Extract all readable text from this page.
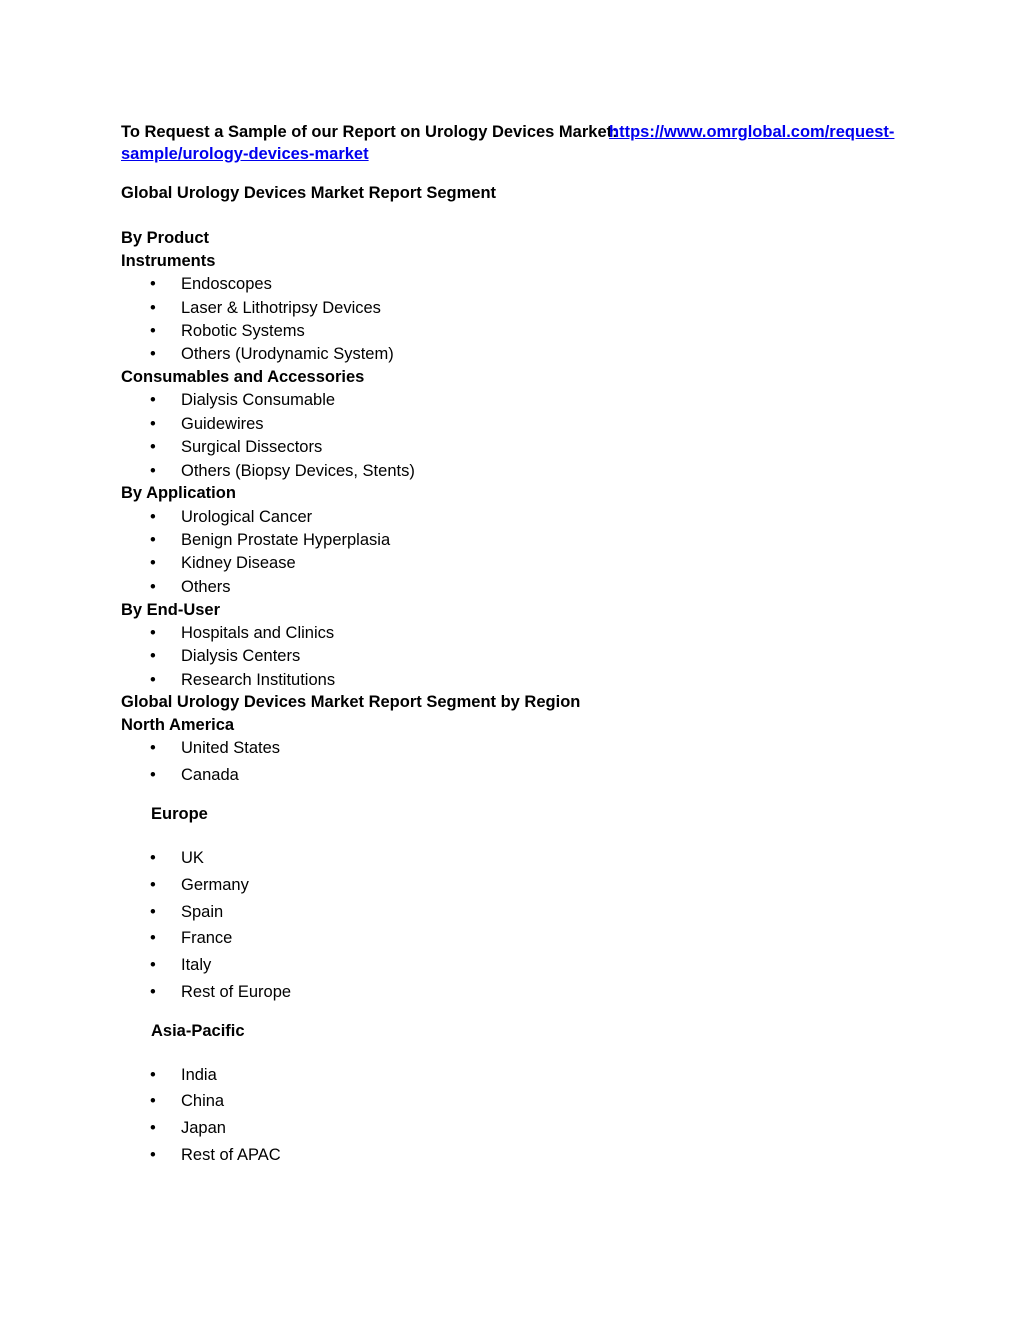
To Request a Sample of our Report on Urology Devices Market:
https://www.omrglobal.com/request-
sample/urology-devices-market
Global Urology Devices Market Report Segment
By Product
Instruments
• Endoscopes
• Laser & Lithotripsy Devices
• Robotic Systems
• Others (Urodynamic System)
Consumables and Accessories
• Dialysis Consumable
• Guidewires
• Surgical Dissectors
• Others (Biopsy Devices, Stents)
By Application
• Urological Cancer
• Benign Prostate Hyperplasia
• Kidney Disease
• Others
By End-User
• Hospitals and Clinics
• Dialysis Centers
• Research Institutions
Global Urology Devices Market Report Segment by Region
North America
• United States
• Canada
Europe
• UK
• Germany
• Spain
• France
• Italy
• Rest of Europe
Asia-Pacific
• India
• China
• Japan
• Rest of APAC
